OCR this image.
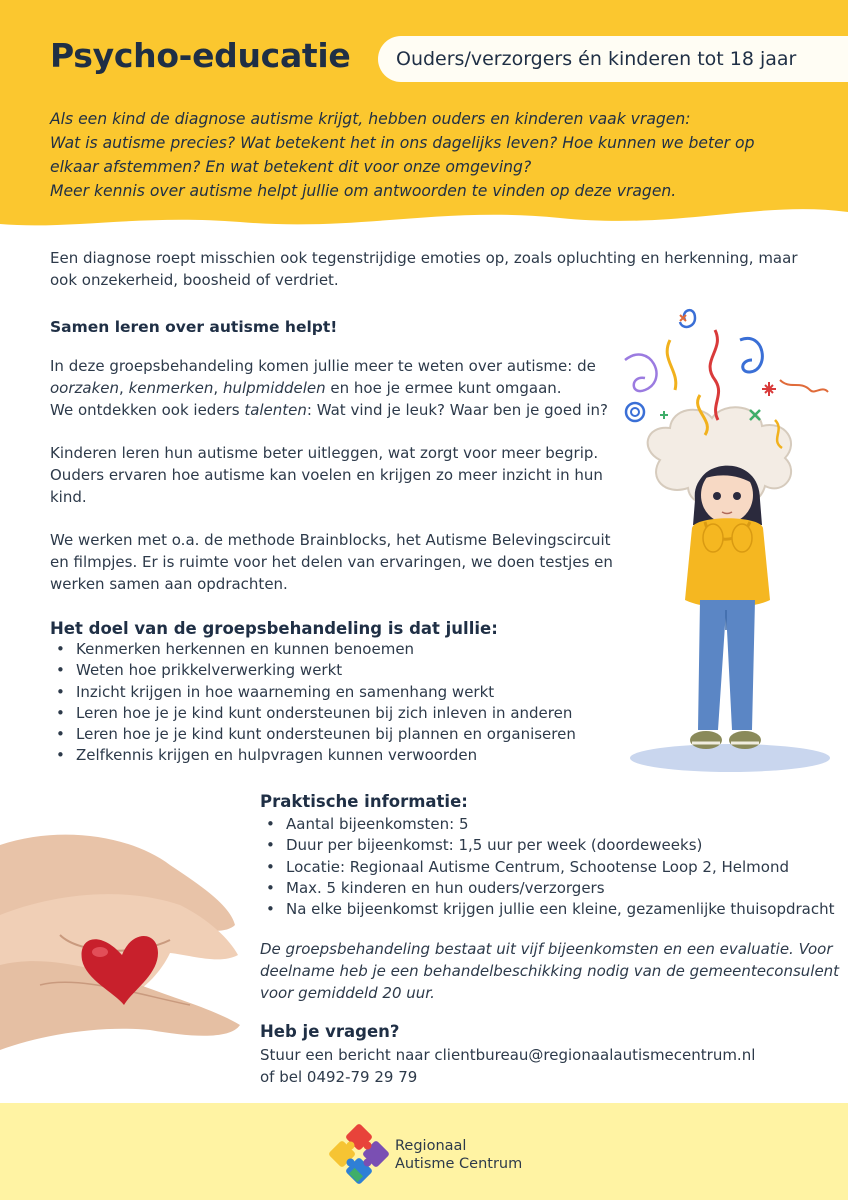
Psycho-educatie	Ouders/verzorgers én kinderen tot 18 jaar
Als een kind de diagnose autisme krijgt, hebben ouders en kinderen vaak vragen:
Wat is autisme precies? Wat betekent het in ons dagelijks leven? Hoe kunnen we beter op
elkaar afstemmen? En wat betekent dit voor onze omgeving?
Meer kennis over autisme helpt jullie om antwoorden te vinden op deze vragen.
Een diagnose roept misschien ook tegenstrijdige emoties op, zoals opluchting en herkenning, maar
ook onzekerheid, boosheid of verdriet.
Samen leren over autisme helpt!
In deze groepsbehandeling komen jullie meer te weten over autisme: de
oorzaken, kenmerken, hulpmiddelen en hoe je ermee kunt omgaan.
We ontdekken ook ieders talenten: Wat vind je leuk? Waar ben je goed in?
Kinderen leren hun autisme beter uitleggen, wat zorgt voor meer begrip.
Ouders ervaren hoe autisme kan voelen en krijgen zo meer inzicht in hun
kind.
We werken met o.a. de methode Brainblocks, het Autisme Belevingscircuit
en filmpjes. Er is ruimte voor het delen van ervaringen, we doen testjes en
werken samen aan opdrachten.
Het doel van de groepsbehandeling is dat jullie:
• Kenmerken herkennen en kunnen benoemen
• Weten hoe prikkelverwerking werkt
• Inzicht krijgen in hoe waarneming en samenhang werkt
• Leren hoe je je kind kunt ondersteunen bij zich inleven in anderen
• Leren hoe je je kind kunt ondersteunen bij plannen en organiseren
• Zelfkennis krijgen en hulpvragen kunnen verwoorden
Praktische informatie:
• Aantal bijeenkomsten: 5
• Duur per bijeenkomst: 1,5 uur per week (doordeweeks)
• Locatie: Regionaal Autisme Centrum, Schootense Loop 2, Helmond
• Max. 5 kinderen en hun ouders/verzorgers
• Na elke bijeenkomst krijgen jullie een kleine, gezamenlijke thuisopdracht
De groepsbehandeling bestaat uit vijf bijeenkomsten en een evaluatie. Voor
deelname heb je een behandelbeschikking nodig van de gemeenteconsulent
voor gemiddeld 20 uur.
Heb je vragen?
Stuur een bericht naar clientbureau@regionaalautismecentrum.nl
of bel 0492-79 29 79
Regionaal
Autisme Centrum
